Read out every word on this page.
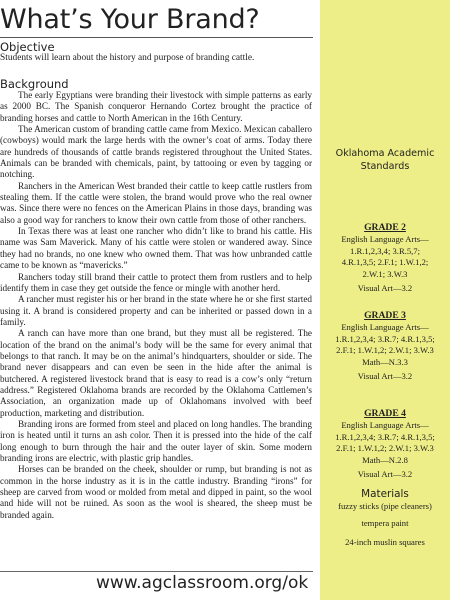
What’s Your Brand?
Objective
Students will learn about the history and purpose of branding cattle.
Background

The early Egyptians were branding their livestock with simple patterns as early as 2000 BC. The Spanish conqueror Hernando Cortez brought the practice of branding horses and cattle to North American in the 16th Century.

The American custom of branding cattle came from Mexico. Mexican caballero (cowboys) would mark the large herds with the owner’s coat of arms. Today there are hundreds of thousands of cattle brands registered throughout the United States. Animals can be branded with chemicals, paint, by tattooing or even by tagging or notching.

Ranchers in the American West branded their cattle to keep cattle rustlers from stealing them. If the cattle were stolen, the brand would prove who the real owner was. Since there were no fences on the American Plains in those days, branding was also a good way for ranchers to know their own cattle from those of other ranchers.

In Texas there was at least one rancher who didn’t like to brand his cattle. His name was Sam Maverick. Many of his cattle were stolen or wandered away. Since they had no brands, no one knew who owned them. That was how unbranded cattle came to be known as “mavericks.”

Ranchers today still brand their cattle to protect them from rustlers and to help identify them in case they get outside the fence or mingle with another herd.

A rancher must register his or her brand in the state where he or she first started using it. A brand is considered property and can be inherited or passed down in a family.

A ranch can have more than one brand, but they must all be registered. The location of the brand on the animal’s body will be the same for every animal that belongs to that ranch. It may be on the animal’s hindquarters, shoulder or side. The brand never disappears and can even be seen in the hide after the animal is butchered. A registered livestock brand that is easy to read is a cow’s only “return address.” Registered Oklahoma brands are recorded by the Oklahoma Cattlemen’s Association, an organization made up of Oklahomans involved with beef production, marketing and distribution.

Branding irons are formed from steel and placed on long handles. The branding iron is heated until it turns an ash color. Then it is pressed into the hide of the calf long enough to burn through the hair and the outer layer of skin. Some modern branding irons are electric, with plastic grip handles.

Horses can be branded on the cheek, shoulder or rump, but branding is not as common in the horse industry as it is in the cattle industry. Branding “irons” for sheep are carved from wood or molded from metal and dipped in paint, so the wool and hide will not be ruined. As soon as the wool is sheared, the sheep must be branded again.

www.agclassroom.org/ok
Oklahoma Academic
Standards
GRADE 2
English Language Arts—
1.R.1,2,3,4; 3.R.5,7;
4.R.1,3,5; 2.F.1; 1.W.1,2;
2.W.1; 3.W.3
Visual Art—3.2
GRADE 3
English Language Arts—
1.R.1,2,3,4; 3.R.7; 4.R.1,3,5;
2.F.1; 1.W.1,2; 2.W.1; 3.W.3
Math—N.3.3
Visual Art—3.2
GRADE 4
English Language Arts—
1.R.1,2,3,4; 3.R.7; 4.R.1,3,5;
2.F.1; 1.W.1,2; 2.W.1; 3.W.3
Math—N.2.8
Visual Art—3.2
Materials
fuzzy sticks (pipe cleaners)
tempera paint
24-inch muslin squares
